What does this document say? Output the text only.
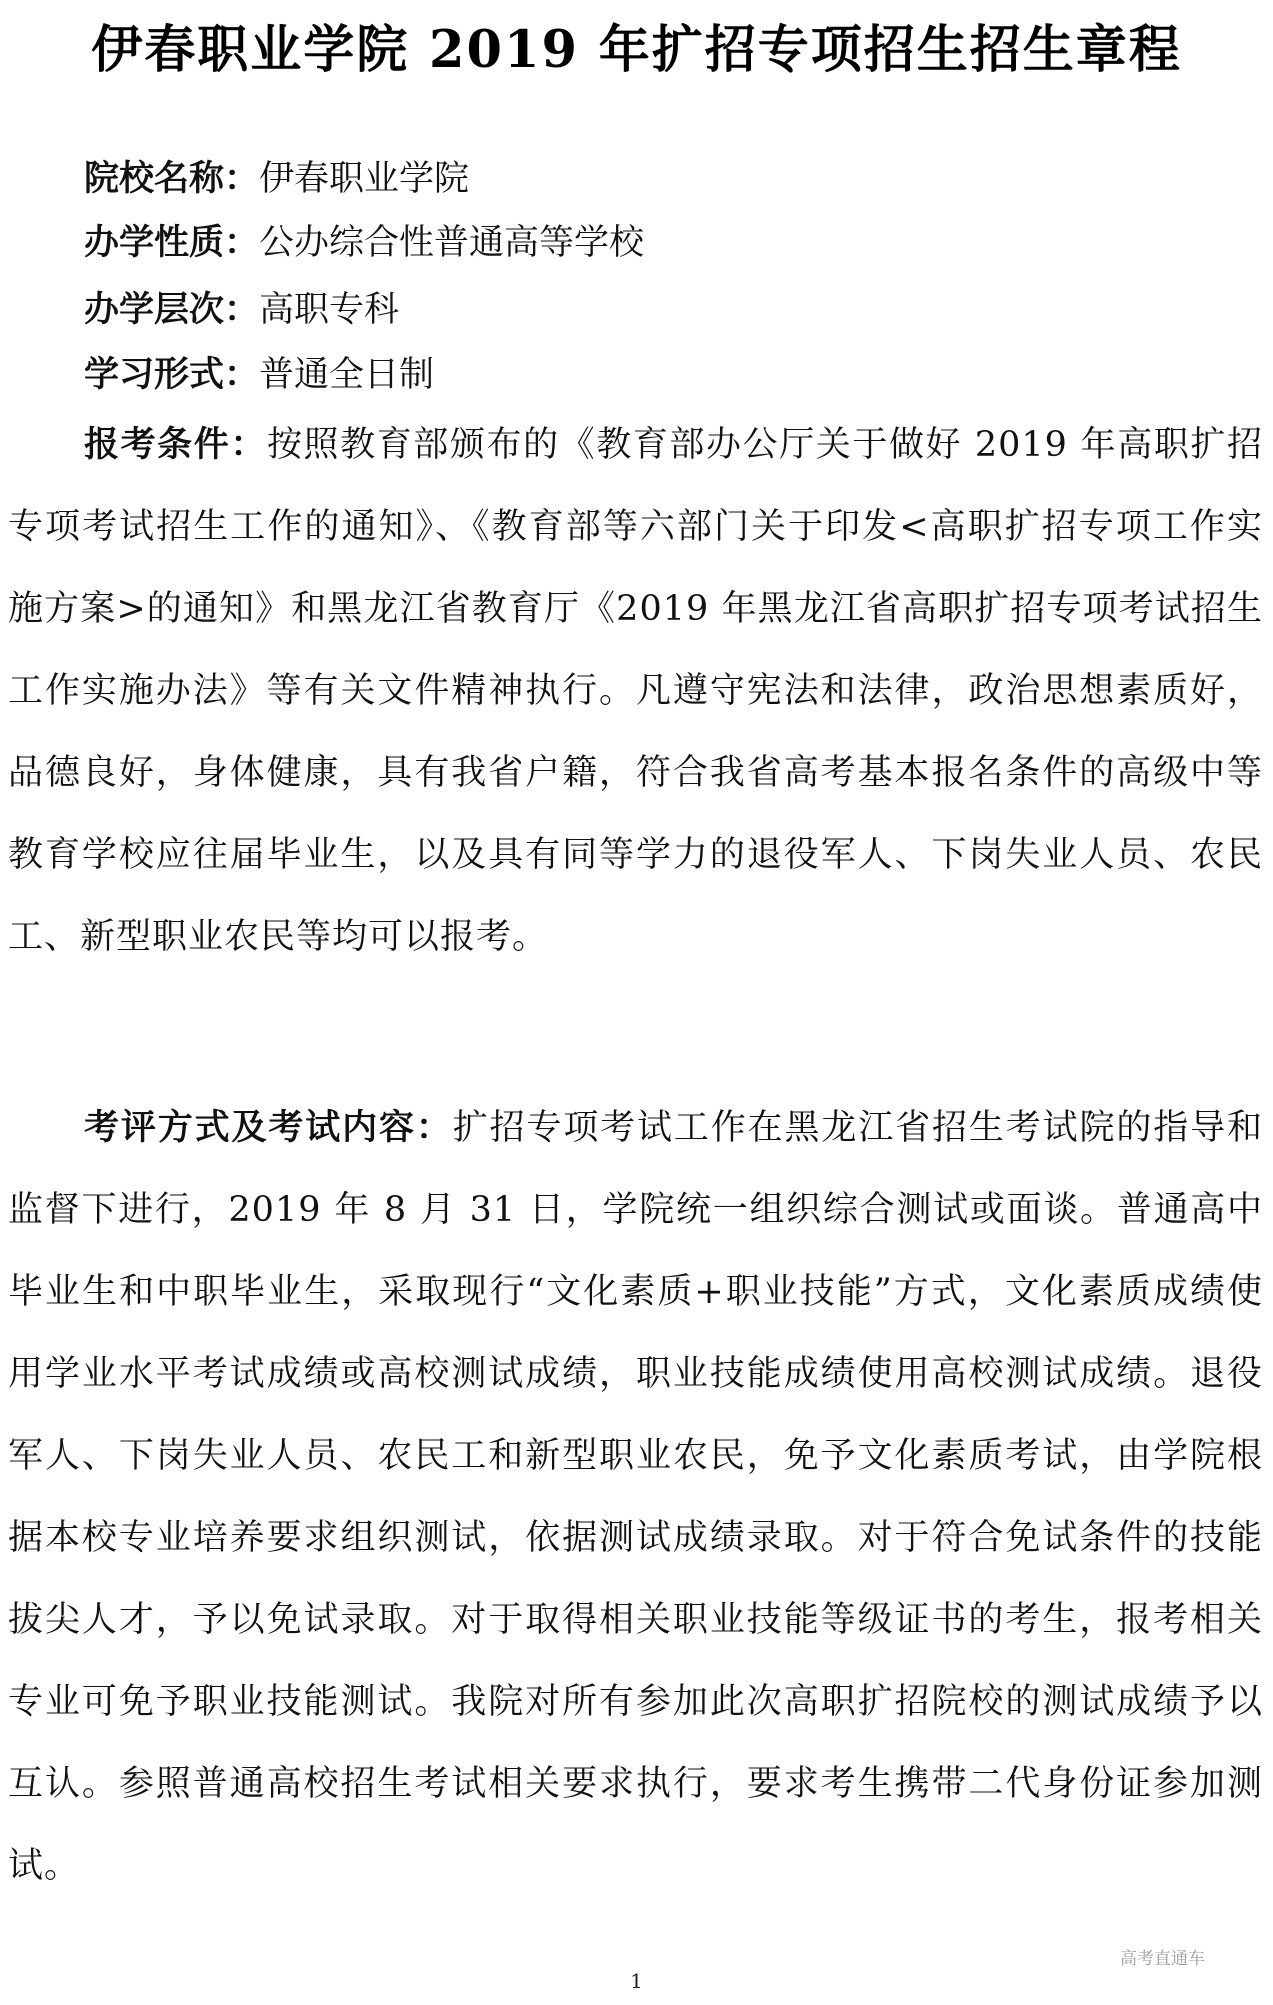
伊春职业学院 2019 年扩招专项招生招生章程
院校名称：伊春职业学院
办学性质：公办综合性普通高等学校
办学层次：高职专科
学习形式：普通全日制

报考条件：按照教育部颁布的《教育部办公厅关于做好 2019 年高职扩招专项考试招生工作的通知》、《教育部等六部门关于印发<高职扩招专项工作实施方案>的通知》和黑龙江省教育厅《2019 年黑龙江省高职扩招专项考试招生工作实施办法》等有关文件精神执行。凡遵守宪法和法律，政治思想素质好，品德良好，身体健康，具有我省户籍，符合我省高考基本报名条件的高级中等教育学校应往届毕业生，以及具有同等学力的退役军人、下岗失业人员、农民工、新型职业农民等均可以报考。

考评方式及考试内容：扩招专项考试工作在黑龙江省招生考试院的指导和监督下进行，2019 年 8 月 31 日，学院统一组织综合测试或面谈。普通高中毕业生和中职毕业生，采取现行“文化素质+职业技能”方式，文化素质成绩使用学业水平考试成绩或高校测试成绩，职业技能成绩使用高校测试成绩。退役军人、下岗失业人员、农民工和新型职业农民，免予文化素质考试，由学院根据本校专业培养要求组织测试，依据测试成绩录取。对于符合免试条件的技能拔尖人才，予以免试录取。对于取得相关职业技能等级证书的考生，报考相关专业可免予职业技能测试。我院对所有参加此次高职扩招院校的测试成绩予以互认。参照普通高校招生考试相关要求执行，要求考生携带二代身份证参加测试。

高考直通车
1
